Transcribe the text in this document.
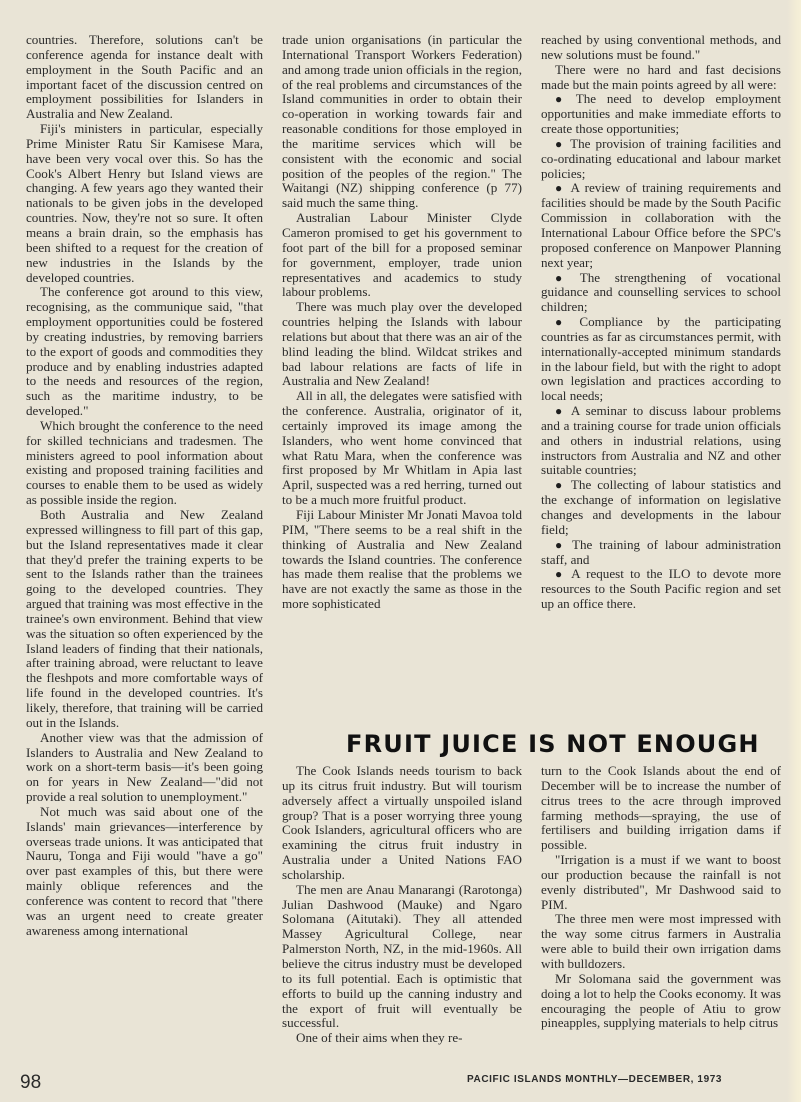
countries. Therefore, solutions can't be conference agenda for instance dealt with employment in the South Pacific and an important facet of the discussion centred on employment possibilities for Islanders in Australia and New Zealand.

Fiji's ministers in particular, especially Prime Minister Ratu Sir Kamisese Mara, have been very vocal over this. So has the Cook's Albert Henry but Island views are changing. A few years ago they wanted their nationals to be given jobs in the developed countries. Now, they're not so sure. It often means a brain drain, so the emphasis has been shifted to a request for the creation of new industries in the Islands by the developed countries.

The conference got around to this view, recognising, as the communique said, "that employment opportunities could be fostered by creating industries, by removing barriers to the export of goods and commodities they produce and by enabling industries adapted to the needs and resources of the region, such as the maritime industry, to be developed."

Which brought the conference to the need for skilled technicians and tradesmen. The ministers agreed to pool information about existing and proposed training facilities and courses to enable them to be used as widely as possible inside the region.

Both Australia and New Zealand expressed willingness to fill part of this gap, but the Island representatives made it clear that they'd prefer the training experts to be sent to the Islands rather than the trainees going to the developed countries. They argued that training was most effective in the trainee's own environment. Behind that view was the situation so often experienced by the Island leaders of finding that their nationals, after training abroad, were reluctant to leave the fleshpots and more comfortable ways of life found in the developed countries. It's likely, therefore, that training will be carried out in the Islands.

Another view was that the admission of Islanders to Australia and New Zealand to work on a short-term basis—it's been going on for years in New Zealand—"did not provide a real solution to unemployment."

Not much was said about one of the Islands' main grievances—interference by overseas trade unions. It was anticipated that Nauru, Tonga and Fiji would "have a go" over past examples of this, but there were mainly oblique references and the conference was content to record that "there was an urgent need to create greater awareness among international

trade union organisations (in particular the International Transport Workers Federation) and among trade union officials in the region, of the real problems and circumstances of the Island communities in order to obtain their co-operation in working towards fair and reasonable conditions for those employed in the maritime services which will be consistent with the economic and social position of the peoples of the region." The Waitangi (NZ) shipping conference (p 77) said much the same thing.

Australian Labour Minister Clyde Cameron promised to get his government to foot part of the bill for a proposed seminar for government, employer, trade union representatives and academics to study labour problems.

There was much play over the developed countries helping the Islands with labour relations but about that there was an air of the blind leading the blind. Wildcat strikes and bad labour relations are facts of life in Australia and New Zealand!

All in all, the delegates were satisfied with the conference. Australia, originator of it, certainly improved its image among the Islanders, who went home convinced that what Ratu Mara, when the conference was first proposed by Mr Whitlam in Apia last April, suspected was a red herring, turned out to be a much more fruitful product.

Fiji Labour Minister Mr Jonati Mavoa told PIM, "There seems to be a real shift in the thinking of Australia and New Zealand towards the Island countries. The conference has made them realise that the problems we have are not exactly the same as those in the more sophisticated

reached by using conventional methods, and new solutions must be found."

There were no hard and fast decisions made but the main points agreed by all were:

● The need to develop employment opportunities and make immediate efforts to create those opportunities;

● The provision of training facilities and co-ordinating educational and labour market policies;

● A review of training requirements and facilities should be made by the South Pacific Commission in collaboration with the International Labour Office before the SPC's proposed conference on Manpower Planning next year;

● The strengthening of vocational guidance and counselling services to school children;

● Compliance by the participating countries as far as circumstances permit, with internationally-accepted minimum standards in the labour field, but with the right to adopt own legislation and practices according to local needs;

● A seminar to discuss labour problems and a training course for trade union officials and others in industrial relations, using instructors from Australia and NZ and other suitable countries;

● The collecting of labour statistics and the exchange of information on legislative changes and developments in the labour field;

● The training of labour administration staff, and

● A request to the ILO to devote more resources to the South Pacific region and set up an office there.

FRUIT JUICE IS NOT ENOUGH

The Cook Islands needs tourism to back up its citrus fruit industry. But will tourism adversely affect a virtually unspoiled island group? That is a poser worrying three young Cook Islanders, agricultural officers who are examining the citrus fruit industry in Australia under a United Nations FAO scholarship.

The men are Anau Manarangi (Rarotonga) Julian Dashwood (Mauke) and Ngaro Solomana (Aitutaki). They all attended Massey Agricultural College, near Palmerston North, NZ, in the mid-1960s. All believe the citrus industry must be developed to its full potential. Each is optimistic that efforts to build up the canning industry and the export of fruit will eventually be successful.

One of their aims when they re-

turn to the Cook Islands about the end of December will be to increase the number of citrus trees to the acre through improved farming methods—spraying, the use of fertilisers and building irrigation dams if possible.

"Irrigation is a must if we want to boost our production because the rainfall is not evenly distributed", Mr Dashwood said to PIM.

The three men were most impressed with the way some citrus farmers in Australia were able to build their own irrigation dams with bulldozers.

Mr Solomana said the government was doing a lot to help the Cooks economy. It was encouraging the people of Atiu to grow pineapples, supplying materials to help citrus

98	PACIFIC ISLANDS MONTHLY—DECEMBER, 1973
